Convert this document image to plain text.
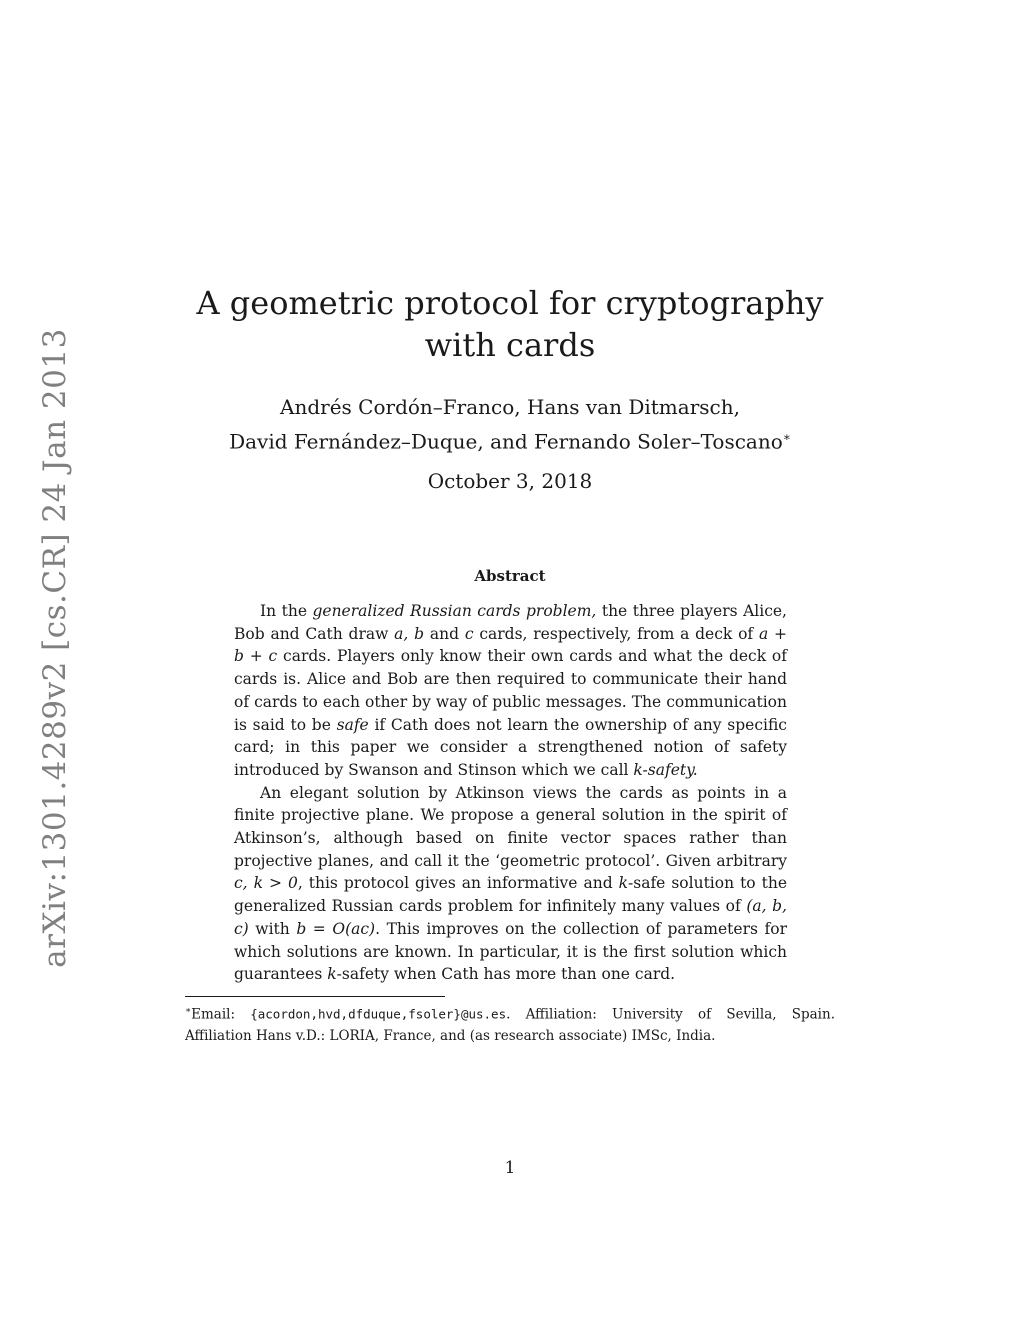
arXiv:1301.4289v2 [cs.CR] 24 Jan 2013
A geometric protocol for cryptography with cards
Andrés Cordón–Franco, Hans van Ditmarsch,
David Fernández–Duque, and Fernando Soler–Toscano∗
October 3, 2018
Abstract

In the generalized Russian cards problem, the three players Alice, Bob and Cath draw a, b and c cards, respectively, from a deck of a + b + c cards. Players only know their own cards and what the deck of cards is. Alice and Bob are then required to communicate their hand of cards to each other by way of public messages. The communication is said to be safe if Cath does not learn the ownership of any specific card; in this paper we consider a strengthened notion of safety introduced by Swanson and Stinson which we call k-safety.

An elegant solution by Atkinson views the cards as points in a finite projective plane. We propose a general solution in the spirit of Atkinson’s, although based on finite vector spaces rather than projective planes, and call it the ‘geometric protocol’. Given arbitrary c, k > 0, this protocol gives an informative and k-safe solution to the generalized Russian cards problem for infinitely many values of (a, b, c) with b = O(ac). This improves on the collection of parameters for which solutions are known. In particular, it is the first solution which guarantees k-safety when Cath has more than one card.

∗Email: {acordon,hvd,dfduque,fsoler}@us.es. Affiliation: University of Sevilla, Spain. Affiliation Hans v.D.: LORIA, France, and (as research associate) IMSc, India.
1
